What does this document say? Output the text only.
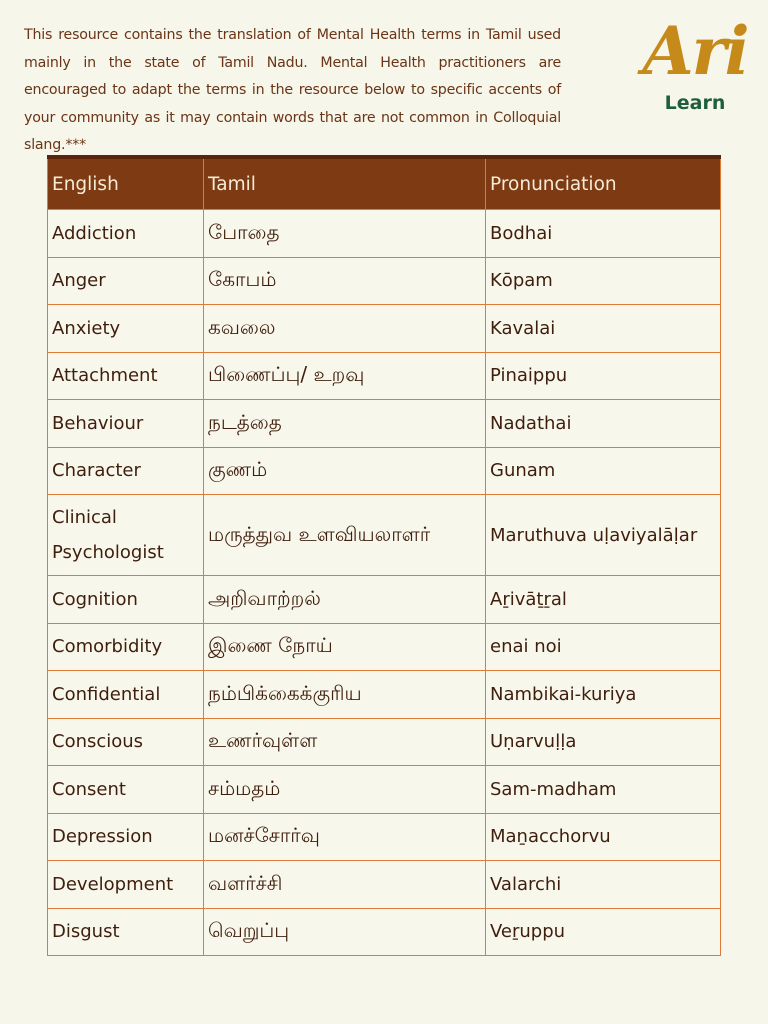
This resource contains the translation of Mental Health terms in Tamil used mainly in the state of Tamil Nadu. Mental Health practitioners are encouraged to adapt the terms in the resource below to specific accents of your community as it may contain words that are not common in Colloquial slang.***
Ari
Learn
English	Tamil	Pronunciation
Addiction	போதை	Bodhai
Anger	கோபம்	Kōpam
Anxiety	கவலை	Kavalai
Attachment	பிணைப்பு/ உறவு	Pinaippu
Behaviour	நடத்தை	Nadathai
Character	குணம்	Gunam
Clinical Psychologist	மருத்துவ உளவியலாளர்	Maruthuva uḷaviyalāḷar
Cognition	அறிவாற்றல்	Aṟivāṯṟal
Comorbidity	இணை நோய்	enai noi
Confidential	நம்பிக்கைக்குரிய	Nambikai-kuriya
Conscious	உணர்வுள்ள	Uṇarvuḷḷa
Consent	சம்மதம்	Sam-madham
Depression	மனச்சோர்வு	Maṉacchorvu
Development	வளர்ச்சி	Valarchi
Disgust	வெறுப்பு	Veṟuppu
